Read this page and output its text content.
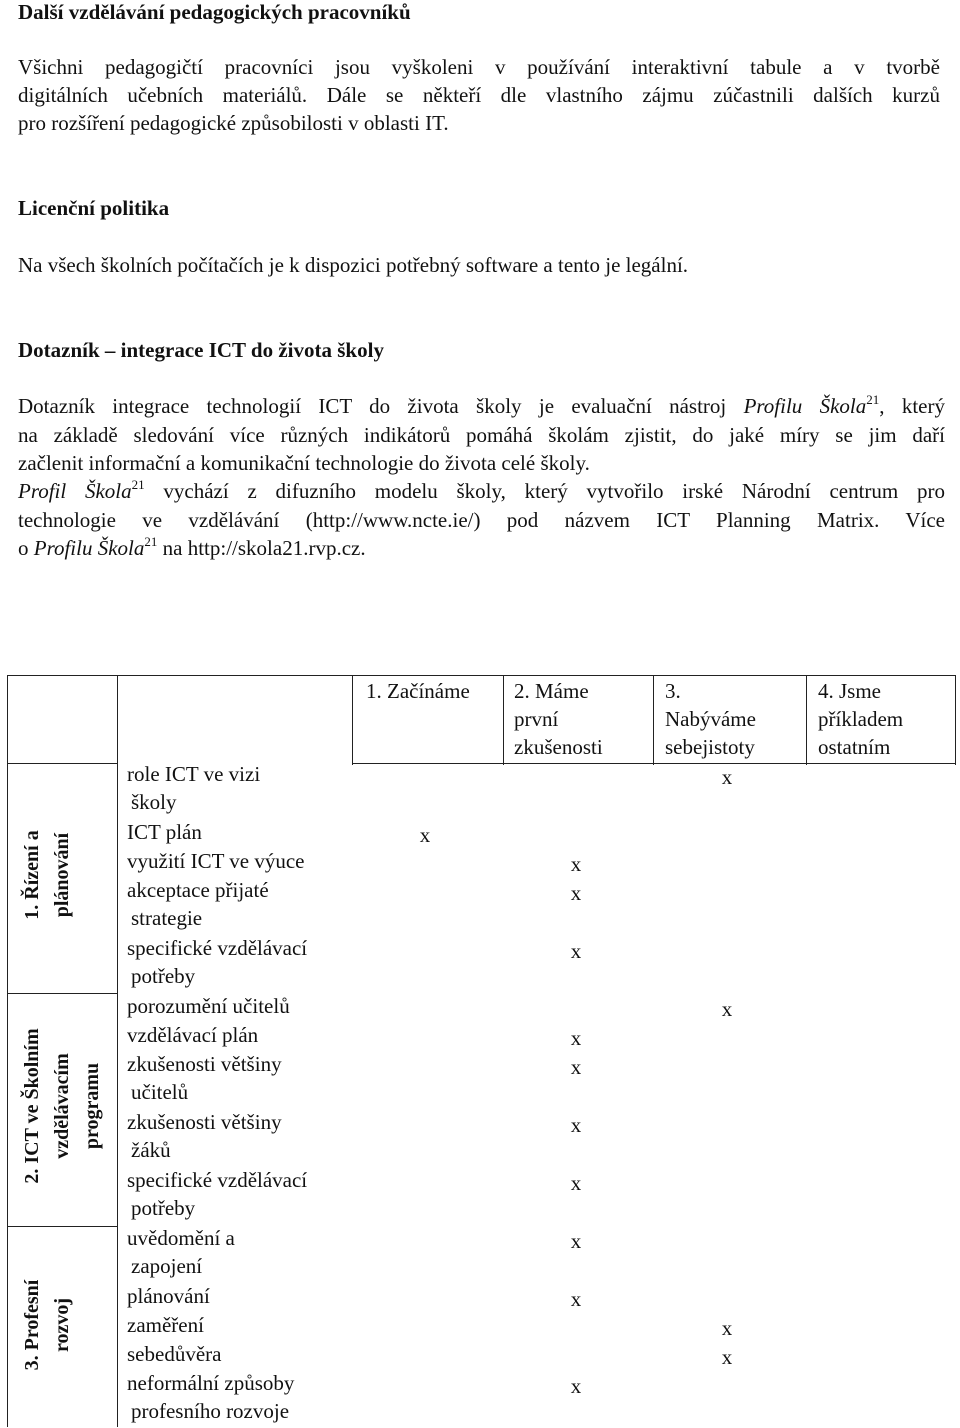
Další vzdělávání pedagogických pracovníků
Všichni pedagogičtí pracovníci jsou vyškoleni v používání interaktivní tabule a v tvorbě
digitálních učebních materiálů. Dále se někteří dle vlastního zájmu zúčastnili dalších kurzů
pro rozšíření pedagogické způsobilosti v oblasti IT.
Licenční politika
Na všech školních počítačích je k dispozici potřebný software a tento je legální.
Dotazník – integrace ICT do života školy
Dotazník integrace technologií ICT do života školy je evaluační nástroj Profilu Škola$^{21}$, který
na základě sledování více různých indikátorů pomáhá školám zjistit, do jaké míry se jim daří
začlenit informační a komunikační technologie do života celé školy.
Profil Škola$^{21}$ vychází z difuzního modelu školy, který vytvořilo irské Národní centrum pro
technologie ve vzdělávání (http://www.ncte.ie/) pod názvem ICT Planning Matrix. Více
o Profilu Škola$^{21}$ na http://skola21.rvp.cz.
1. Začínáme 2. Máme
první
zkušenosti
3.
Nabýváme
sebejistoty
4. Jsme
příkladem
ostatním
1. Řízení a plánování
2. ICT ve Školním vzdělávacím programu
3. Profesní rozvoj
role ICT ve vizi
školy
ICT plán
využití ICT ve výuce
akceptace přijaté
strategie
specifické vzdělávací
potřeby
porozumění učitelů
vzdělávací plán
zkušenosti většiny
učitelů
zkušenosti většiny
žáků
specifické vzdělávací
potřeby
uvědomění a
zapojení
plánování
zaměření
sebedůvěra
neformální způsoby
profesního rozvoje
x
x
x
x
x
x
x
x
x
x
x
x
x
x
x
